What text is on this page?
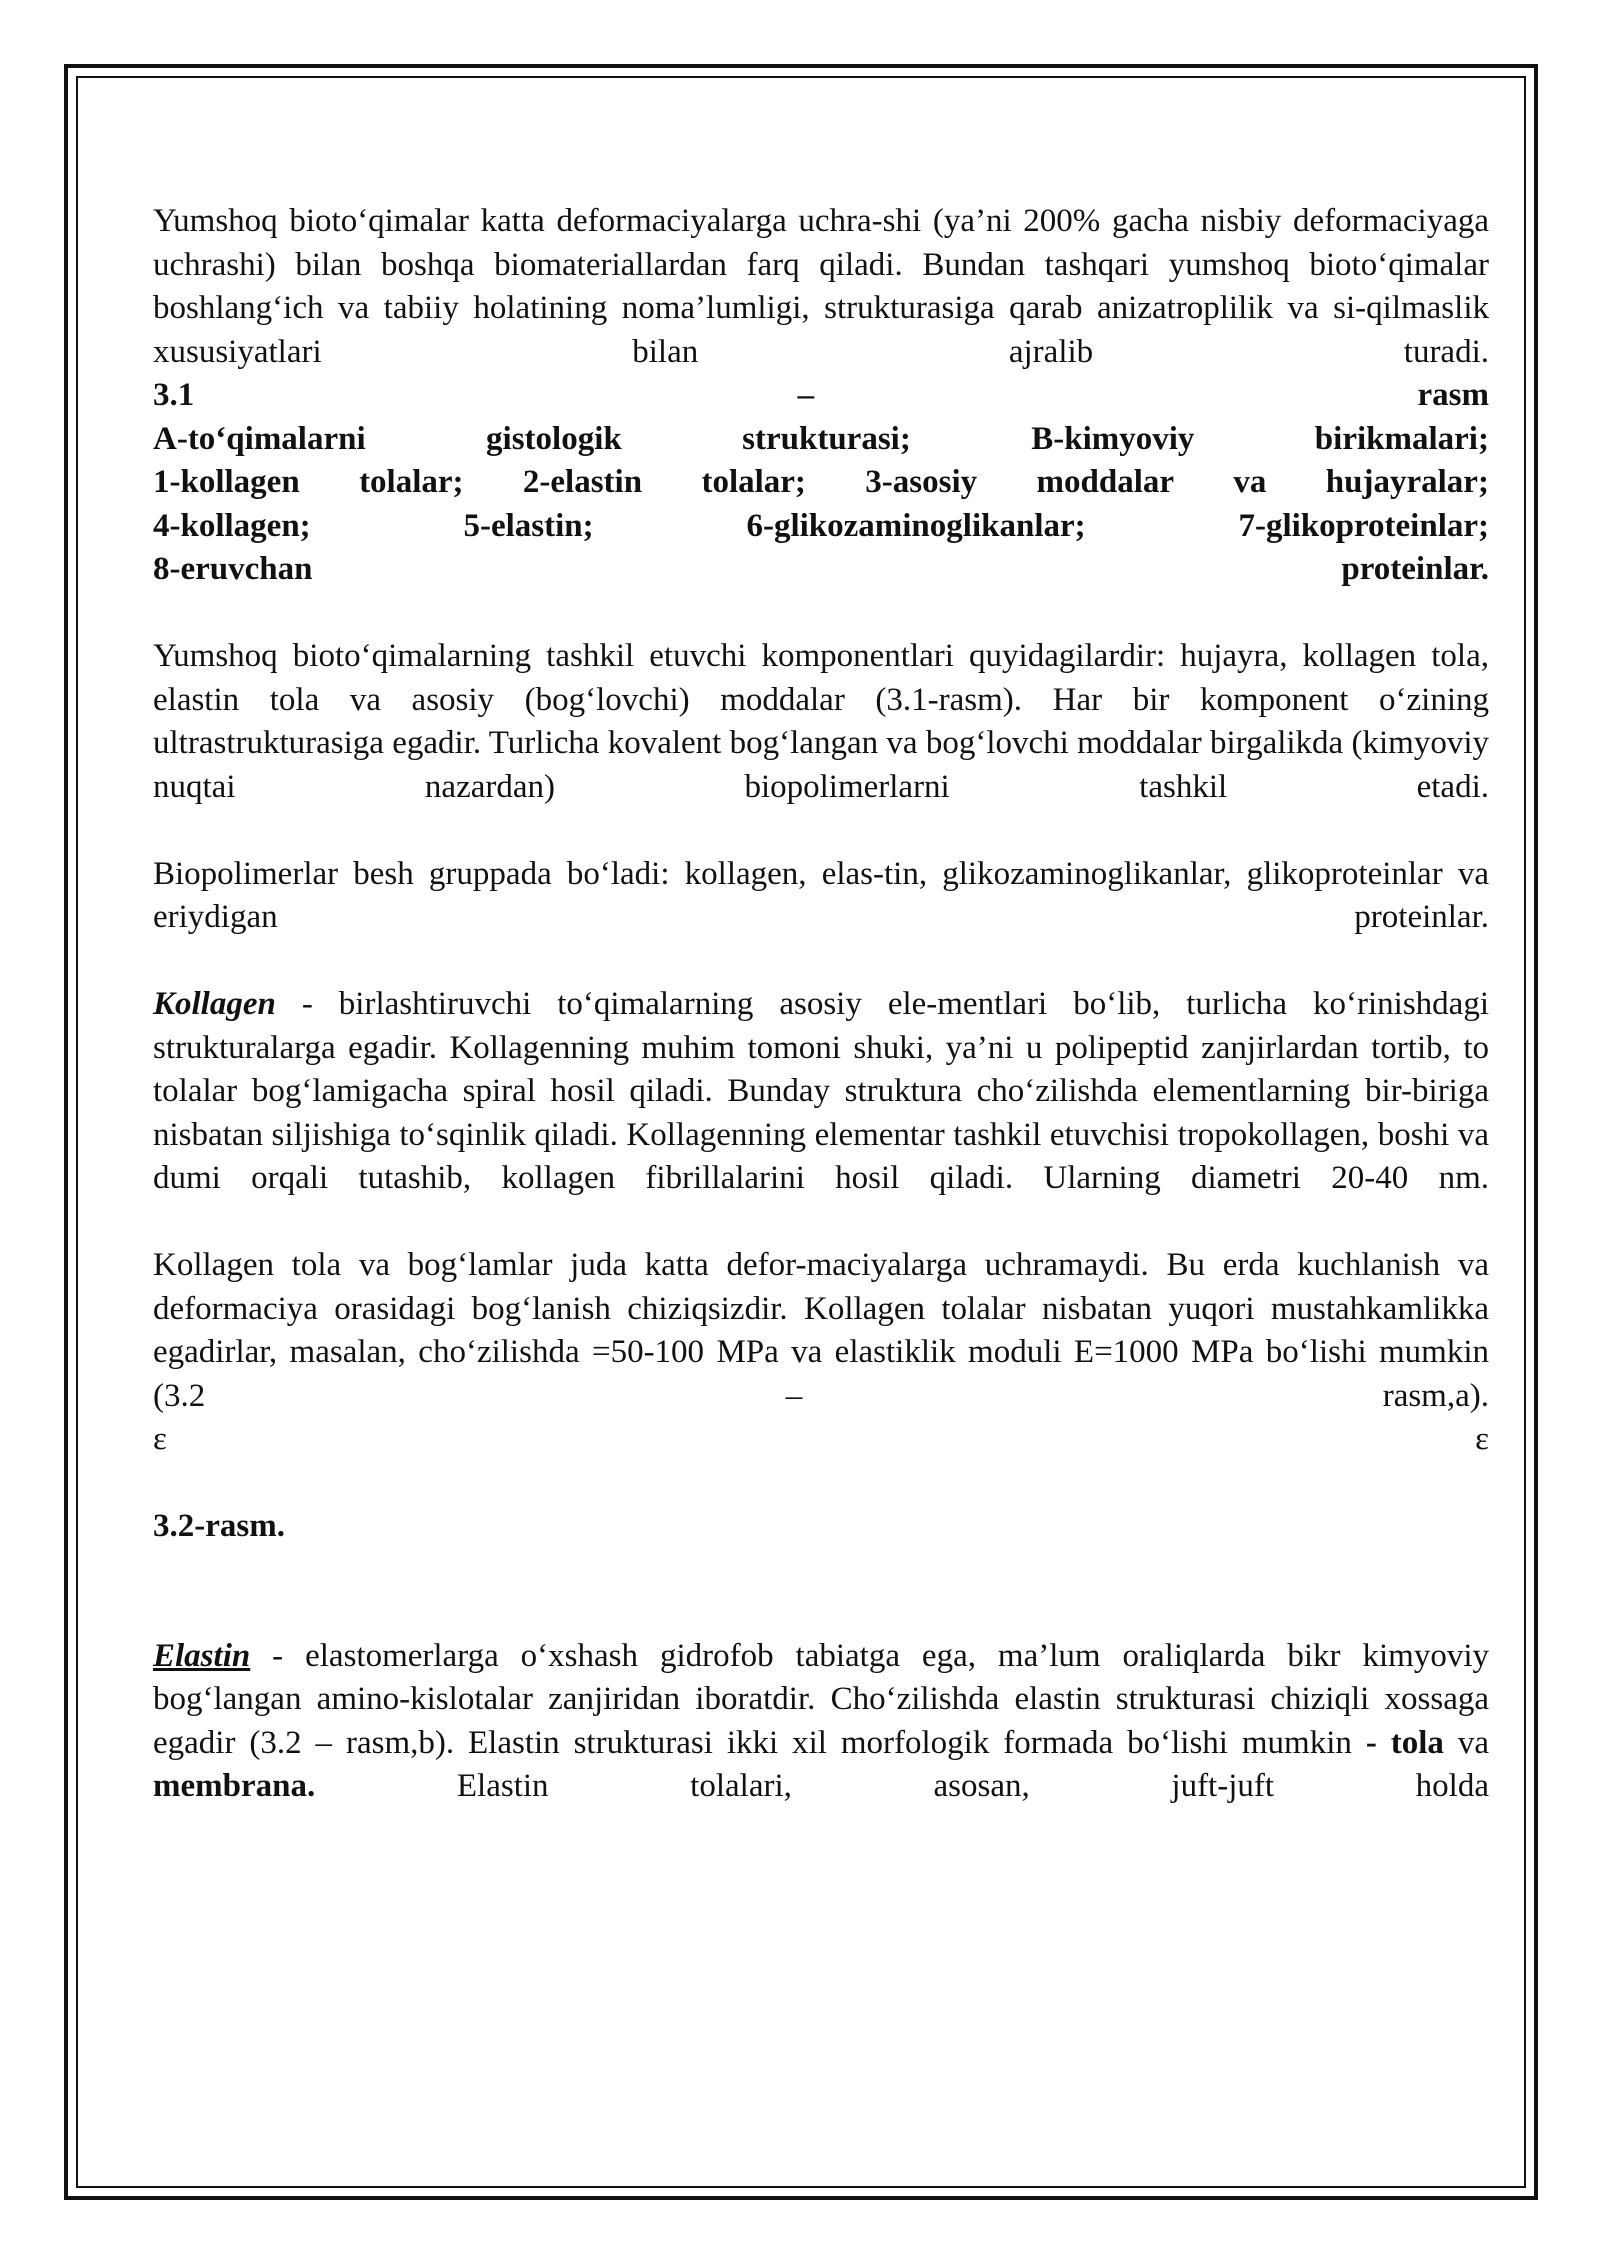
Yumshoq bioto‘qimalar katta deformaciyalarga uchra-shi (ya’ni 200% gacha nisbiy deformaciyaga uchrashi) bilan boshqa biomateriallardan farq qiladi. Bundan tashqari yumshoq bioto‘qimalar boshlang‘ich va tabiiy holatining noma’lumligi, strukturasiga qarab anizatroplilik va si-qilmaslik xususiyatlari bilan ajralib turadi.

3.1	–	rasm
A-to‘qimalarni	gistologik	strukturasi;	B-kimyoviy	birikmalari;
1-kollagen tolalar; 2-elastin tolalar; 3-asosiy moddalar va hujayralar;
4-kollagen;	5-elastin;	6-glikozaminoglikanlar;	7-glikoproteinlar;
8-eruvchan	proteinlar.

Yumshoq bioto‘qimalarning tashkil etuvchi komponentlari quyidagilardir: hujayra, kollagen tola, elastin tola va asosiy (bog‘lovchi) moddalar (3.1-rasm). Har bir komponent o‘zining ultrastrukturasiga egadir. Turlicha kovalent bog‘langan va bog‘lovchi moddalar birgalikda (kimyoviy nuqtai nazardan) biopolimerlarni tashkil etadi.

Biopolimerlar besh gruppada bo‘ladi: kollagen, elas-tin, glikozaminoglikanlar, glikoproteinlar va eriydigan proteinlar.

Kollagen - birlashtiruvchi to‘qimalarning asosiy ele-mentlari bo‘lib, turlicha ko‘rinishdagi strukturalarga egadir. Kollagenning muhim tomoni shuki, ya’ni u polipeptid zanjirlardan tortib, to tolalar bog‘lamigacha spiral hosil qiladi. Bunday struktura cho‘zilishda elementlarning bir-biriga nisbatan siljishiga to‘sqinlik qiladi. Kollagenning elementar tashkil etuvchisi tropokollagen, boshi va dumi orqali tutashib, kollagen fibrillalarini hosil qiladi. Ularning diametri 20-40 nm.

Kollagen tola va bog‘lamlar juda katta defor-maciyalarga uchramaydi. Bu erda kuchlanish va deformaciya orasidagi bog‘lanish chiziqsizdir. Kollagen tolalar nisbatan yuqori mustahkamlikka egadirlar, masalan, cho‘zilishda =50-100 MPa va elastiklik moduli E=1000 MPa bo‘lishi mumkin (3.2 – rasm,a).

ε	ε

3.2-rasm.

Elastin - elastomerlarga o‘xshash gidrofob tabiatga ega, ma’lum oraliqlarda bikr kimyoviy bog‘langan amino-kislotalar zanjiridan iboratdir. Cho‘zilishda elastin strukturasi chiziqli xossaga egadir (3.2 – rasm,b). Elastin strukturasi ikki xil morfologik formada bo‘lishi mumkin - tola va membrana. Elastin tolalari, asosan, juft-juft holda
